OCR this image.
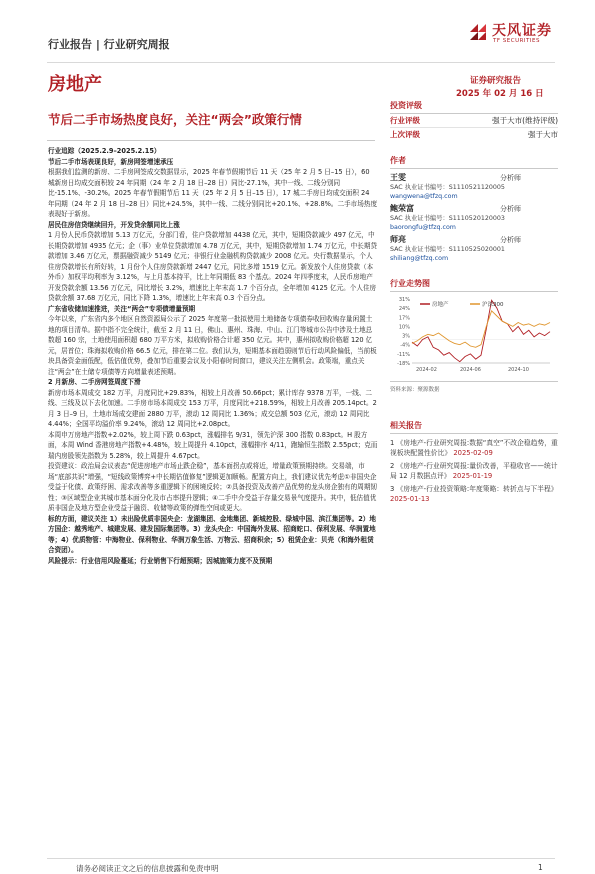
行业报告 | 行业研究周报
天风证券
TF SECURITIES
房地产	证券研究报告
2025 年 02 月 16 日
节后二手市场热度良好，关注“两会”政策行情

行业追踪（2025.2.9–2025.2.15）

节后二手市场表现良好，新房网签增速承压

根据我们监测的新房、二手房网签成交数据显示，2025 年春节假期节后 11 天（25 年 2 月 5 日–15 日），60 城新房日均成交面积较 24 年同期（24 年 2 月 18 日–28 日）同比-27.1%，其中一线、二线分别同比-15.1%、-30.2%。2025 年春节假期节后 11 天（25 年 2 月 5 日–15 日），17 城二手房日均成交面积 24 年同期（24 年 2 月 18 日–28 日）同比+24.5%，其中一线、二线分别同比+20.1%、+28.8%。二手市场热度表现好于新房。

居民住房信贷继续回升，开发贷余额同比上涨

1 月份人民币贷款增加 5.13 万亿元，分部门看，住户贷款增加 4438 亿元，其中，短期贷款减少 497 亿元，中长期贷款增加 4935 亿元；企（事）业单位贷款增加 4.78 万亿元，其中，短期贷款增加 1.74 万亿元，中长期贷款增加 3.46 万亿元，票据融资减少 5149 亿元；非银行业金融机构贷款减少 2008 亿元。央行数据显示，个人住房贷款增长有所好转，1 月份个人住房贷款新增 2447 亿元，同比多增 1519 亿元。新发放个人住房贷款（本外币）加权平均利率为 3.12%，与上月基本持平，比上年同期低 83 个基点。2024 年四季度末，人民币房地产开发贷款余额 13.56 万亿元，同比增长 3.2%，增速比上年末高 1.7 个百分点，全年增加 4125 亿元。个人住房贷款余额 37.68 万亿元，同比下降 1.3%，增速比上年末高 0.3 个百分点。

广东省收储加速推进，关注“两会”专项债增量预期

今年以来，广东省内多个地区自然资源局公示了 2025 年度第一批拟使用土地储备专项债券收回收购存量闲置土地的项目清单。据中指不完全统计，截至 2 月 11 日，佛山、惠州、珠海、中山、江门等城市公告中涉及土地总数超 160 宗，土地使用面积超 680 万平方米，拟收购价格合计超 350 亿元。其中，惠州拟收购价格超 120 亿元，居首位；珠海拟收购价格 66.5 亿元，排在第二位。我们认为，短期基本面趋弱则节后行动风险偏低，当前板块具备资金面低配，低估值优势，叠加节后重要会议及小阳春时间窗口，建议关注左侧机会。政策端，重点关注“两会”在土储专项债等方向增量表述预期。

2 月新房、二手房网签周度下滑

新房市场本周成交 182 万平，月度同比+29.83%，相较上月改善 50.66pct；累计库存 9378 万平，一线、二线、三线及以下去化加速。二手房市场本周成交 153 万平，月度同比+218.59%，相较上月改善 205.14pct。2 月 3 日–9 日，土地市场成交建面 2880 万平，滚动 12 周同比 1.36%；成交总额 503 亿元，滚动 12 周同比 4.44%；全国平均溢价率 9.24%，滚动 12 周同比+2.08pct。

本周申万房地产指数+2.02%，较上周下跌 0.63pct，涨幅排名 9/31，领先沪深 300 指数 0.83pct。H 股方面，本周 Wind 香港房地产指数+4.48%，较上周提升 4.10pct，涨幅排序 4/11，跑输恒生指数 2.55pct；克而瑞内房股领先指数为 5.28%，较上周提升 4.67pct。

投资建议：政治局会议表态“促进房地产市场止跌企稳”，基本面拐点或将近，增量政策预期持续。交易端，市场“底部共识”增强，“短线政策博弈+中长期估值修复”逻辑更加顺畅。配置方向上，我们建议优先考虑①非国央企受益于化债、政策纾困、需求改善等多重逻辑下的困境反转；②具备投资及改善产品优势的龙头房企独有的周期韧性；③区域型企业其城市基本面分化及市占率提升逻辑；④二手中介受益于存量交易景气度提升。其中，低估值优质非国企及地方型企业受益于融资、收储等政策的弹性空间或更大。

标的方面，建议关注 1）未出险优质非国央企：龙湖集团、金地集团、新城控股、绿城中国、滨江集团等。2）地方国企：越秀地产、城建发展、建发国际集团等。3）龙头央企：中国海外发展、招商蛇口、保利发展、华润置地等；4）优质物管：中海物业、保利物业、华润万象生活、万物云、招商积余；5）租赁企业：贝壳（和海外租赁合资团）。

风险提示：行业信用风险蔓延；行业销售下行超预期；因城施策力度不及预期

投资评级
行业评级	强于大市(维持评级)
上次评级	强于大市
作者
王雯	分析师
SAC 执业证书编号：S1110521120005
wangwena@tfzq.com
鲍荣富	分析师
SAC 执业证书编号：S1110520120003
baorongfu@tfzq.com
师亮	分析师
SAC 执业证书编号：S1110525020001
shiliang@tfzq.com
行业走势图
31%
24%
17%
10%
3%
-4%
-11%
-18%
2024-02	2024-06	2024-10
房地产	沪深300
资料来源：聚源数据
相关报告
1 《房地产-行业研究周报:数据“真空”不改企稳趋势，重视板块配置性价比》 2025-02-09
2 《房地产-行业研究周报:量价改善，平稳收官——统计局 12 月数据点评》 2025-01-19
3 《房地产-行业投资策略:年度策略：转折点与下半程》 2025-01-13
请务必阅读正文之后的信息披露和免责申明	1
